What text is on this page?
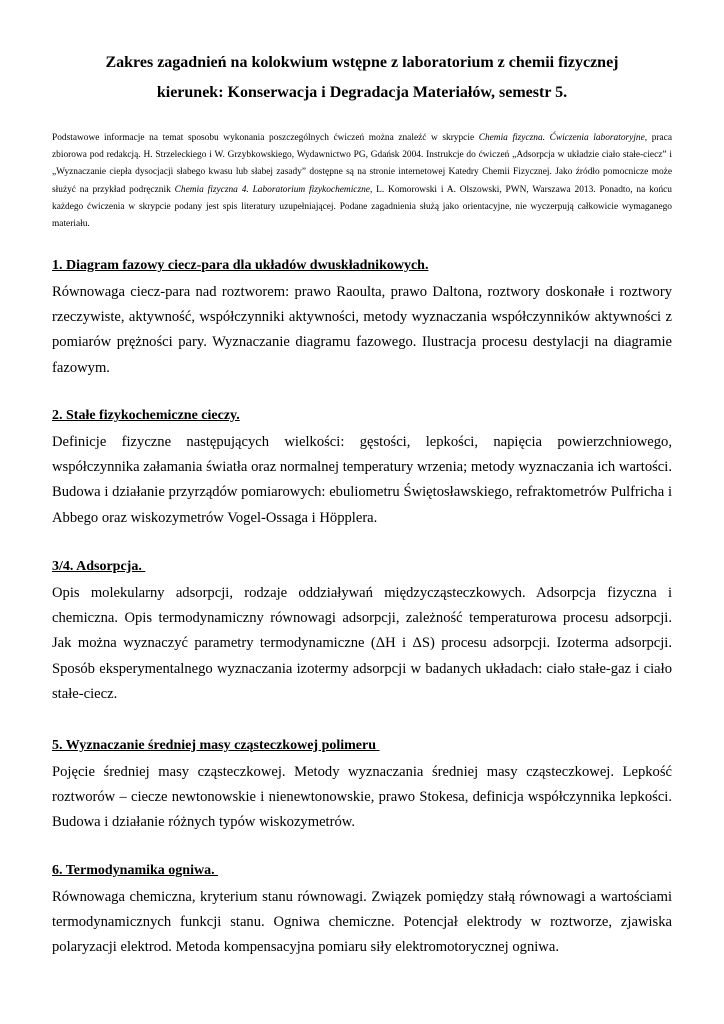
Zakres zagadnień na kolokwium wstępne z laboratorium z chemii fizycznej
kierunek: Konserwacja i Degradacja Materiałów, semestr 5.

Podstawowe informacje na temat sposobu wykonania poszczególnych ćwiczeń można znaleźć w skrypcie Chemia fizyczna. Ćwiczenia laboratoryjne, praca zbiorowa pod redakcją. H. Strzeleckiego i W. Grzybkowskiego, Wydawnictwo PG, Gdańsk 2004. Instrukcje do ćwiczeń „Adsorpcja w układzie ciało stałe-ciecz” i „Wyznaczanie ciepła dysocjacji słabego kwasu lub słabej zasady” dostępne są na stronie internetowej Katedry Chemii Fizycznej. Jako źródło pomocnicze może służyć na przykład podręcznik Chemia fizyczna 4. Laboratorium fizykochemiczne, L. Komorowski i A. Olszowski, PWN, Warszawa 2013. Ponadto, na końcu każdego ćwiczenia w skrypcie podany jest spis literatury uzupełniającej. Podane zagadnienia służą jako orientacyjne, nie wyczerpują całkowicie wymaganego materiału.

1. Diagram fazowy ciecz-para dla układów dwuskładnikowych.

Równowaga ciecz-para nad roztworem: prawo Raoulta, prawo Daltona, roztwory doskonałe i roztwory rzeczywiste, aktywność, współczynniki aktywności, metody wyznaczania współczynników aktywności z pomiarów prężności pary. Wyznaczanie diagramu fazowego. Ilustracja procesu destylacji na diagramie fazowym.

2. Stałe fizykochemiczne cieczy.

Definicje fizyczne następujących wielkości: gęstości, lepkości, napięcia powierzchniowego, współczynnika załamania światła oraz normalnej temperatury wrzenia; metody wyznaczania ich wartości. Budowa i działanie przyrządów pomiarowych: ebuliometru Świętosławskiego, refraktometrów Pulfricha i Abbego oraz wiskozymetrów Vogel-Ossaga i Höpplera.

3/4. Adsorpcja.

Opis molekularny adsorpcji, rodzaje oddziaływań międzycząsteczkowych. Adsorpcja fizyczna i chemiczna. Opis termodynamiczny równowagi adsorpcji, zależność temperaturowa procesu adsorpcji. Jak można wyznaczyć parametry termodynamiczne (ΔH i ΔS) procesu adsorpcji. Izoterma adsorpcji. Sposób eksperymentalnego wyznaczania izotermy adsorpcji w badanych układach: ciało stałe-gaz i ciało stałe-ciecz.

5. Wyznaczanie średniej masy cząsteczkowej polimeru

Pojęcie średniej masy cząsteczkowej. Metody wyznaczania średniej masy cząsteczkowej. Lepkość roztworów – ciecze newtonowskie i nienewtonowskie, prawo Stokesa, definicja współczynnika lepkości. Budowa i działanie różnych typów wiskozymetrów.

6. Termodynamika ogniwa.

Równowaga chemiczna, kryterium stanu równowagi. Związek pomiędzy stałą równowagi a wartościami termodynamicznych funkcji stanu. Ogniwa chemiczne. Potencjał elektrody w roztworze, zjawiska polaryzacji elektrod. Metoda kompensacyjna pomiaru siły elektromotorycznej ogniwa.
